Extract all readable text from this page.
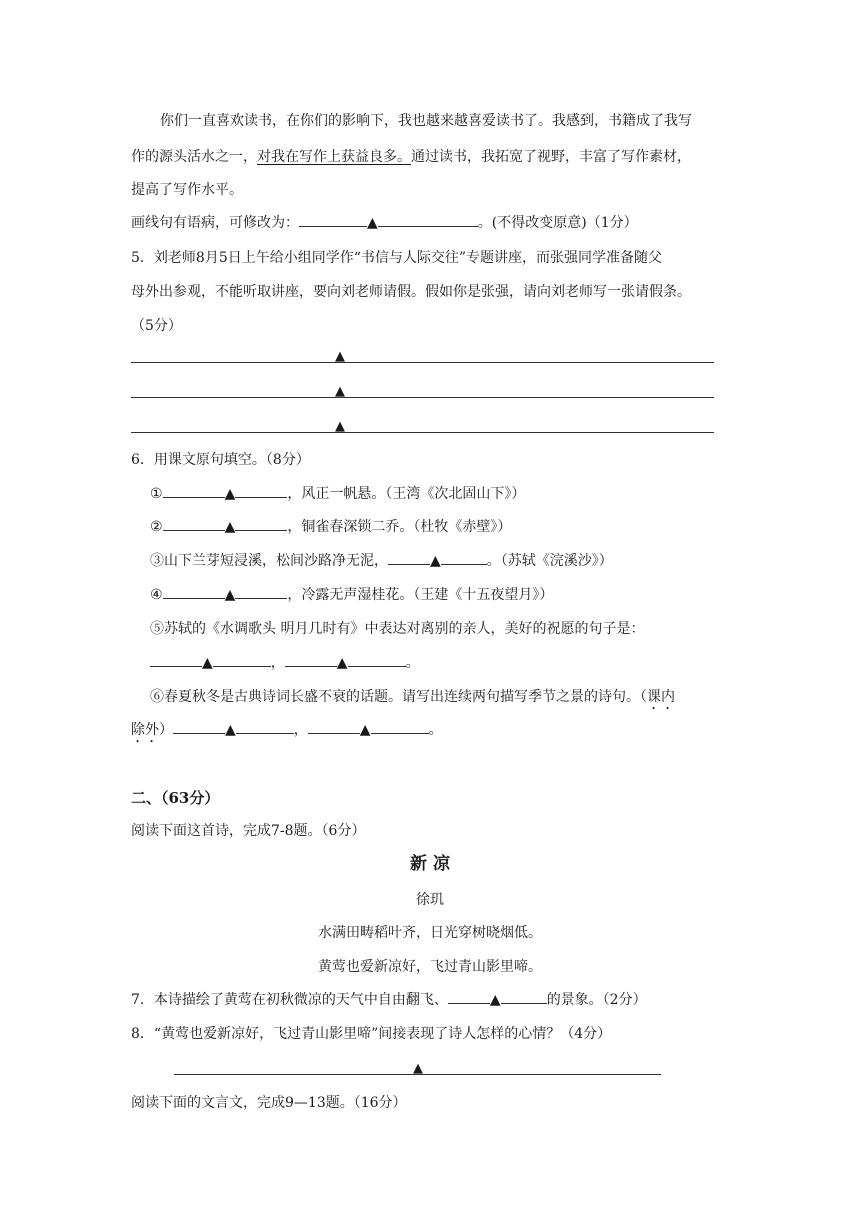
你们一直喜欢读书，在你们的影响下，我也越来越喜爱读书了。我感到，书籍成了我写
作的源头活水之一，对我在写作上获益良多。通过读书，我拓宽了视野，丰富了写作素材，
提高了写作水平。
画线句有语病，可修改为：	▲	。(不得改变原意)（1分）
5．刘老师8月5日上午给小组同学作“书信与人际交往”专题讲座，而张强同学准备随父
母外出参观，不能听取讲座，要向刘老师请假。假如你是张强，请向刘老师写一张请假条。
（5分）
▲
▲
▲
6．用课文原句填空。（8分）
①	▲	，风正一帆悬。（王湾《次北固山下》）
②	▲	，铜雀春深锁二乔。（杜牧《赤壁》）
③山下兰芽短浸溪，松间沙路净无泥，	▲	。（苏轼《浣溪沙》）
④	▲	，冷露无声湿桂花。（王建《十五夜望月》）
⑤苏轼的《水调歌头 明月几时有》中表达对离别的亲人，美好的祝愿的句子是：
▲	，	▲	。
⑥春夏秋冬是古典诗词长盛不衰的话题。请写出连续两句描写季节之景的诗句。（课内
除外）	▲	，	▲	。
二、（63分）
阅读下面这首诗，完成7-8题。（6分）
新 凉
徐玑
水满田畴稻叶齐，日光穿树晓烟低。
黄莺也爱新凉好，飞过青山影里啼。
7．本诗描绘了黄莺在初秋微凉的天气中自由翻飞、	▲	的景象。（2分）
8．“黄莺也爱新凉好，飞过青山影里啼”间接表现了诗人怎样的心情？（4分）
▲
阅读下面的文言文，完成9—13题。（16分）
